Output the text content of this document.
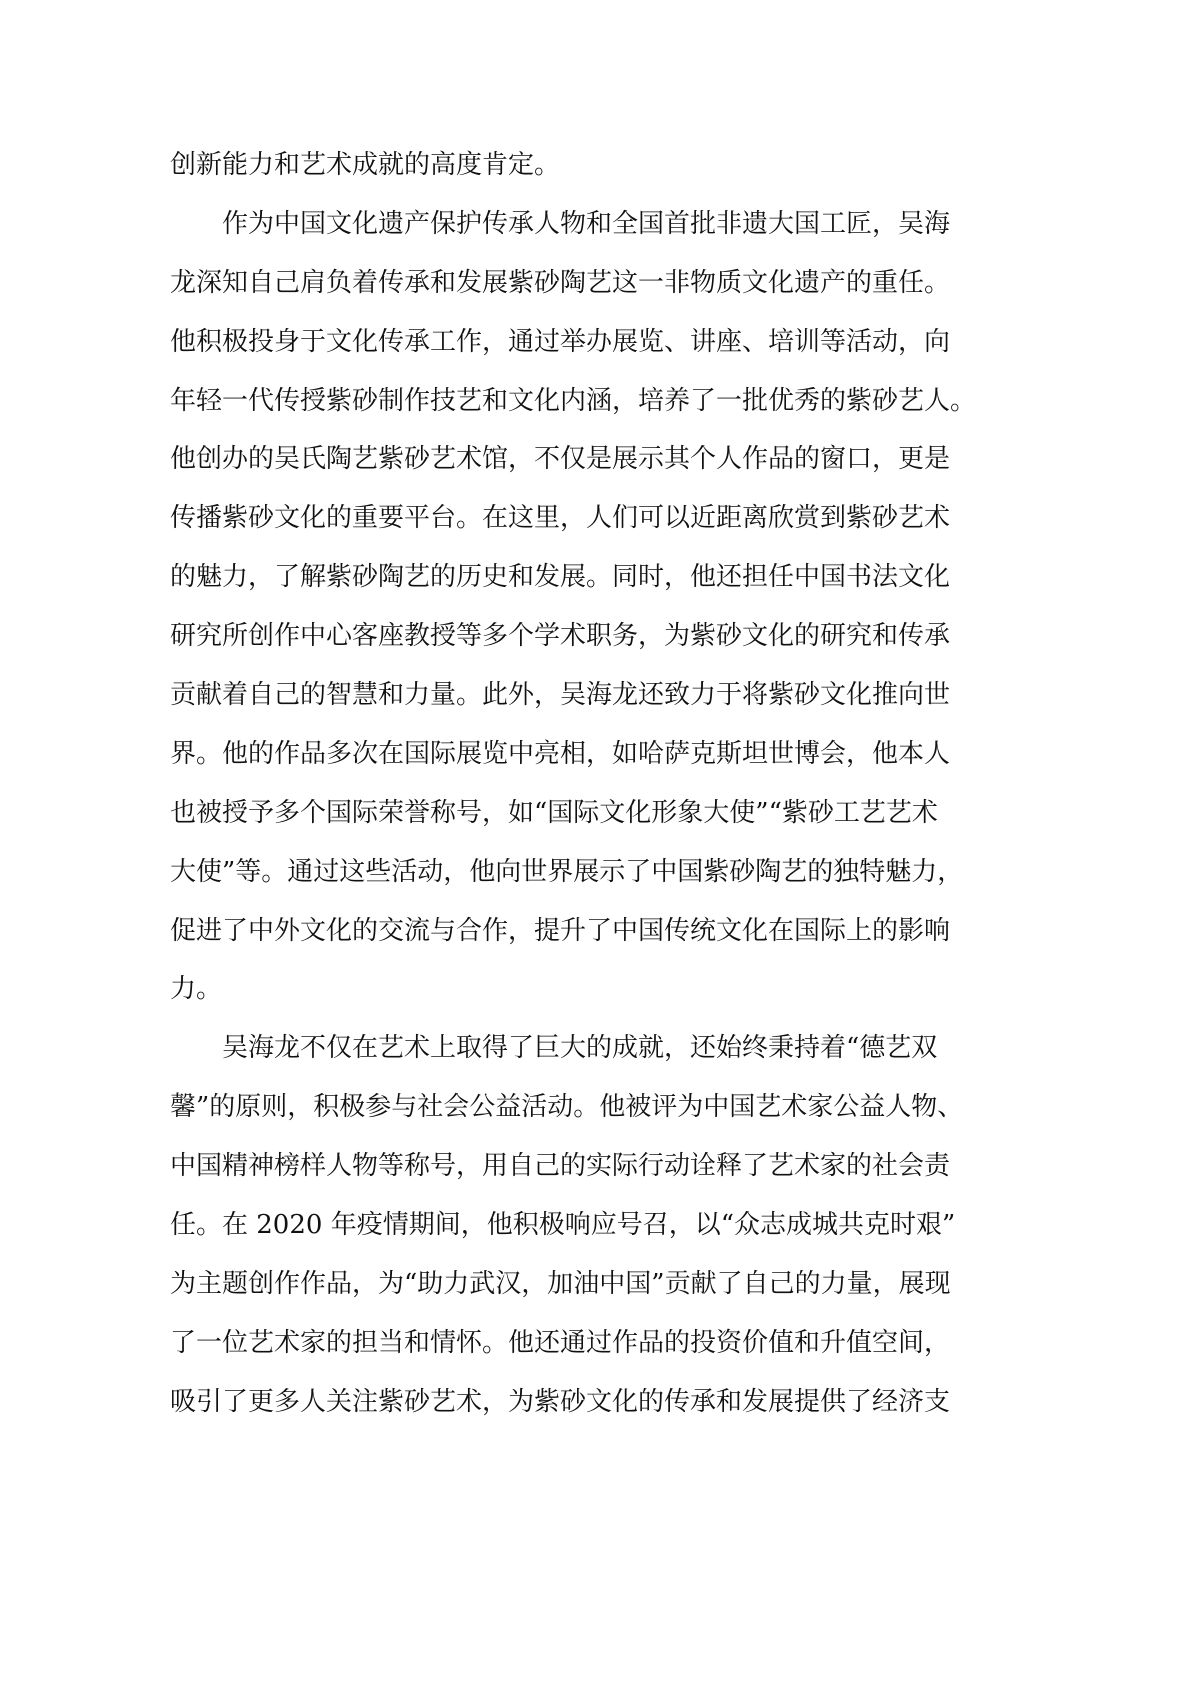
创新能力和艺术成就的高度肯定。
作为中国文化遗产保护传承人物和全国首批非遗大国工匠，吴海
龙深知自己肩负着传承和发展紫砂陶艺这一非物质文化遗产的重任。
他积极投身于文化传承工作，通过举办展览、讲座、培训等活动，向
年轻一代传授紫砂制作技艺和文化内涵，培养了一批优秀的紫砂艺人。
他创办的吴氏陶艺紫砂艺术馆，不仅是展示其个人作品的窗口，更是
传播紫砂文化的重要平台。在这里，人们可以近距离欣赏到紫砂艺术
的魅力，了解紫砂陶艺的历史和发展。同时，他还担任中国书法文化
研究所创作中心客座教授等多个学术职务，为紫砂文化的研究和传承
贡献着自己的智慧和力量。此外，吴海龙还致力于将紫砂文化推向世
界。他的作品多次在国际展览中亮相，如哈萨克斯坦世博会，他本人
也被授予多个国际荣誉称号，如“国际文化形象大使”“紫砂工艺艺术
大使”等。通过这些活动，他向世界展示了中国紫砂陶艺的独特魅力，
促进了中外文化的交流与合作，提升了中国传统文化在国际上的影响
力。
吴海龙不仅在艺术上取得了巨大的成就，还始终秉持着“德艺双
馨”的原则，积极参与社会公益活动。他被评为中国艺术家公益人物、
中国精神榜样人物等称号，用自己的实际行动诠释了艺术家的社会责
任。在 2020 年疫情期间，他积极响应号召，以“众志成城共克时艰”
为主题创作作品，为“助力武汉，加油中国”贡献了自己的力量，展现
了一位艺术家的担当和情怀。他还通过作品的投资价值和升值空间，
吸引了更多人关注紫砂艺术，为紫砂文化的传承和发展提供了经济支
